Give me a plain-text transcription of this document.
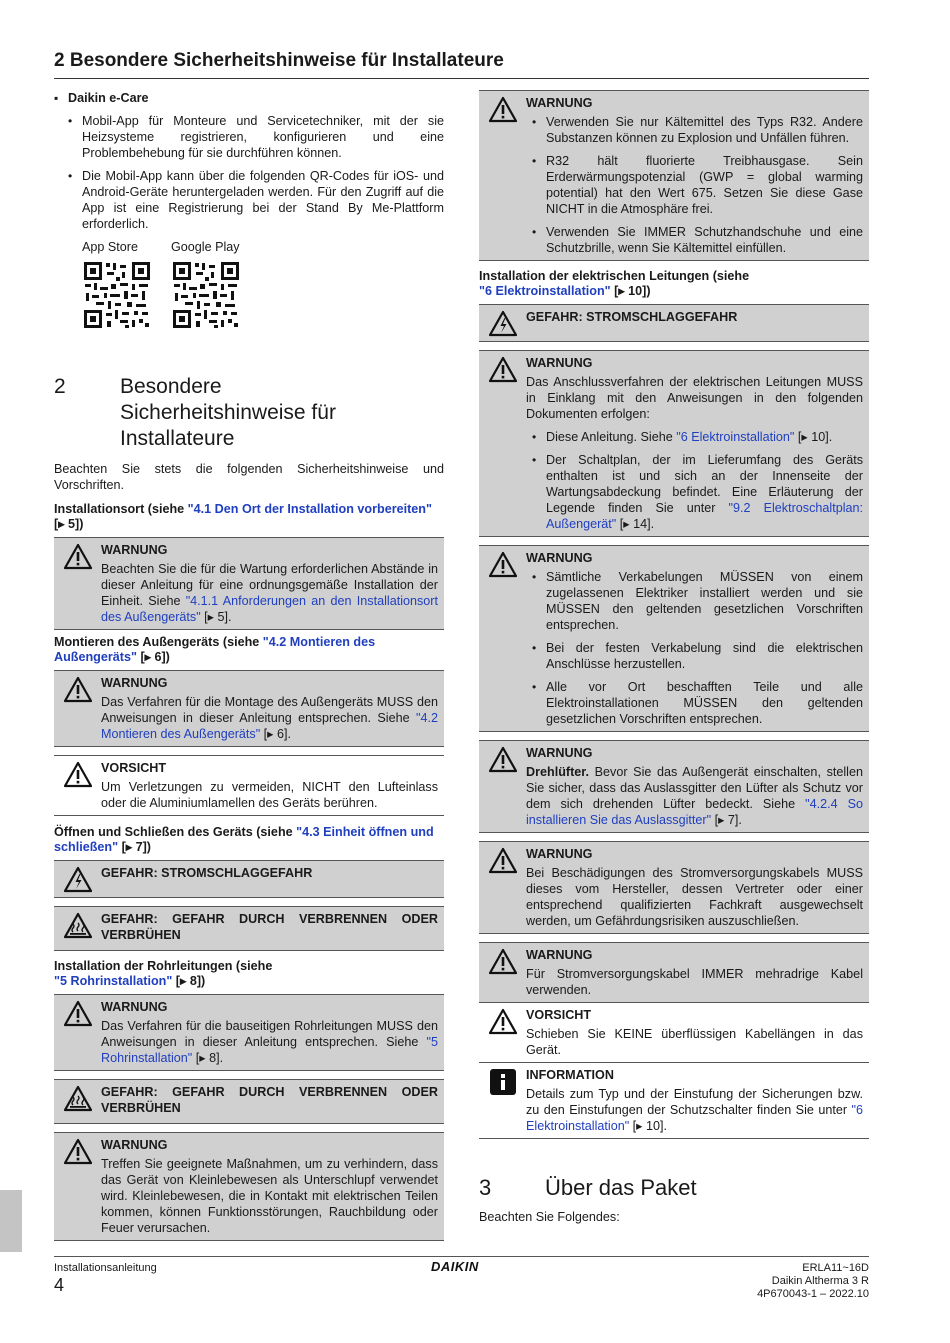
2 Besondere Sicherheitshinweise für Installateure
▪ Daikin e-Care
• Mobil-App für Monteure und Servicetechniker, mit der sie Heizsysteme registrieren, konfigurieren und eine Problembehebung für sie durchführen können.
• Die Mobil-App kann über die folgenden QR-Codes für iOS- und Android-Geräte heruntergeladen werden. Für den Zugriff auf die App ist eine Registrierung bei der Stand By Me-Plattform erforderlich.
App Store	Google Play
2	Besondere Sicherheitshinweise für Installateure
Beachten Sie stets die folgenden Sicherheitshinweise und Vorschriften.
Installationsort (siehe "4.1 Den Ort der Installation vorbereiten" [▸ 5])
WARNUNG
Beachten Sie die für die Wartung erforderlichen Abstände in dieser Anleitung für eine ordnungsgemäße Installation der Einheit. Siehe "4.1.1 Anforderungen an den Installationsort des Außengeräts" [▸ 5].
Montieren des Außengeräts (siehe "4.2 Montieren des Außengeräts" [▸ 6])
WARNUNG
Das Verfahren für die Montage des Außengeräts MUSS den Anweisungen in dieser Anleitung entsprechen. Siehe "4.2 Montieren des Außengeräts" [▸ 6].
VORSICHT
Um Verletzungen zu vermeiden, NICHT den Lufteinlass oder die Aluminiumlamellen des Geräts berühren.
Öffnen und Schließen des Geräts (siehe "4.3 Einheit öffnen und schließen" [▸ 7])
GEFAHR: STROMSCHLAGGEFAHR
GEFAHR: GEFAHR DURCH VERBRENNEN ODER VERBRÜHEN
Installation der Rohrleitungen (siehe
"5 Rohrinstallation" [▸ 8])
WARNUNG
Das Verfahren für die bauseitigen Rohrleitungen MUSS den Anweisungen in dieser Anleitung entsprechen. Siehe "5 Rohrinstallation" [▸ 8].
GEFAHR: GEFAHR DURCH VERBRENNEN ODER VERBRÜHEN
WARNUNG
Treffen Sie geeignete Maßnahmen, um zu verhindern, dass das Gerät von Kleinlebewesen als Unterschlupf verwendet wird. Kleinlebewesen, die in Kontakt mit elektrischen Teilen kommen, können Funktionsstörungen, Rauchbildung oder Feuer verursachen.
WARNUNG
• Verwenden Sie nur Kältemittel des Typs R32. Andere Substanzen können zu Explosion und Unfällen führen.
• R32 hält fluorierte Treibhausgase. Sein Erderwärmungspotenzial (GWP = global warming potential) hat den Wert 675. Setzen Sie diese Gase NICHT in die Atmosphäre frei.
• Verwenden Sie IMMER Schutzhandschuhe und eine Schutzbrille, wenn Sie Kältemittel einfüllen.
Installation der elektrischen Leitungen (siehe
"6 Elektroinstallation" [▸ 10])
GEFAHR: STROMSCHLAGGEFAHR
WARNUNG
Das Anschlussverfahren der elektrischen Leitungen MUSS in Einklang mit den Anweisungen in den folgenden Dokumenten erfolgen:
• Diese Anleitung. Siehe "6 Elektroinstallation" [▸ 10].
• Der Schaltplan, der im Lieferumfang des Geräts enthalten ist und sich an der Innenseite der Wartungsabdeckung befindet. Eine Erläuterung der Legende finden Sie unter "9.2 Elektroschaltplan: Außengerät" [▸ 14].
WARNUNG
• Sämtliche Verkabelungen MÜSSEN von einem zugelassenen Elektriker installiert werden und sie MÜSSEN den geltenden gesetzlichen Vorschriften entsprechen.
• Bei der festen Verkabelung sind die elektrischen Anschlüsse herzustellen.
• Alle vor Ort beschafften Teile und alle Elektroinstallationen MÜSSEN den geltenden gesetzlichen Vorschriften entsprechen.
WARNUNG
Drehlüfter. Bevor Sie das Außengerät einschalten, stellen Sie sicher, dass das Auslassgitter den Lüfter als Schutz vor dem sich drehenden Lüfter bedeckt. Siehe "4.2.4 So installieren Sie das Auslassgitter" [▸ 7].
WARNUNG
Bei Beschädigungen des Stromversorgungskabels MUSS dieses vom Hersteller, dessen Vertreter oder einer entsprechend qualifizierten Fachkraft ausgewechselt werden, um Gefährdungsrisiken auszuschließen.
WARNUNG
Für Stromversorgungskabel IMMER mehradrige Kabel verwenden.
VORSICHT
Schieben Sie KEINE überflüssigen Kabellängen in das Gerät.
INFORMATION
Details zum Typ und der Einstufung der Sicherungen bzw. zu den Einstufungen der Schutzschalter finden Sie unter "6 Elektroinstallation" [▸ 10].
3	Über das Paket
Beachten Sie Folgendes:
Installationsanleitung
4
DAIKIN	ERLA11~16D
Daikin Altherma 3 R
4P670043-1 – 2022.10
